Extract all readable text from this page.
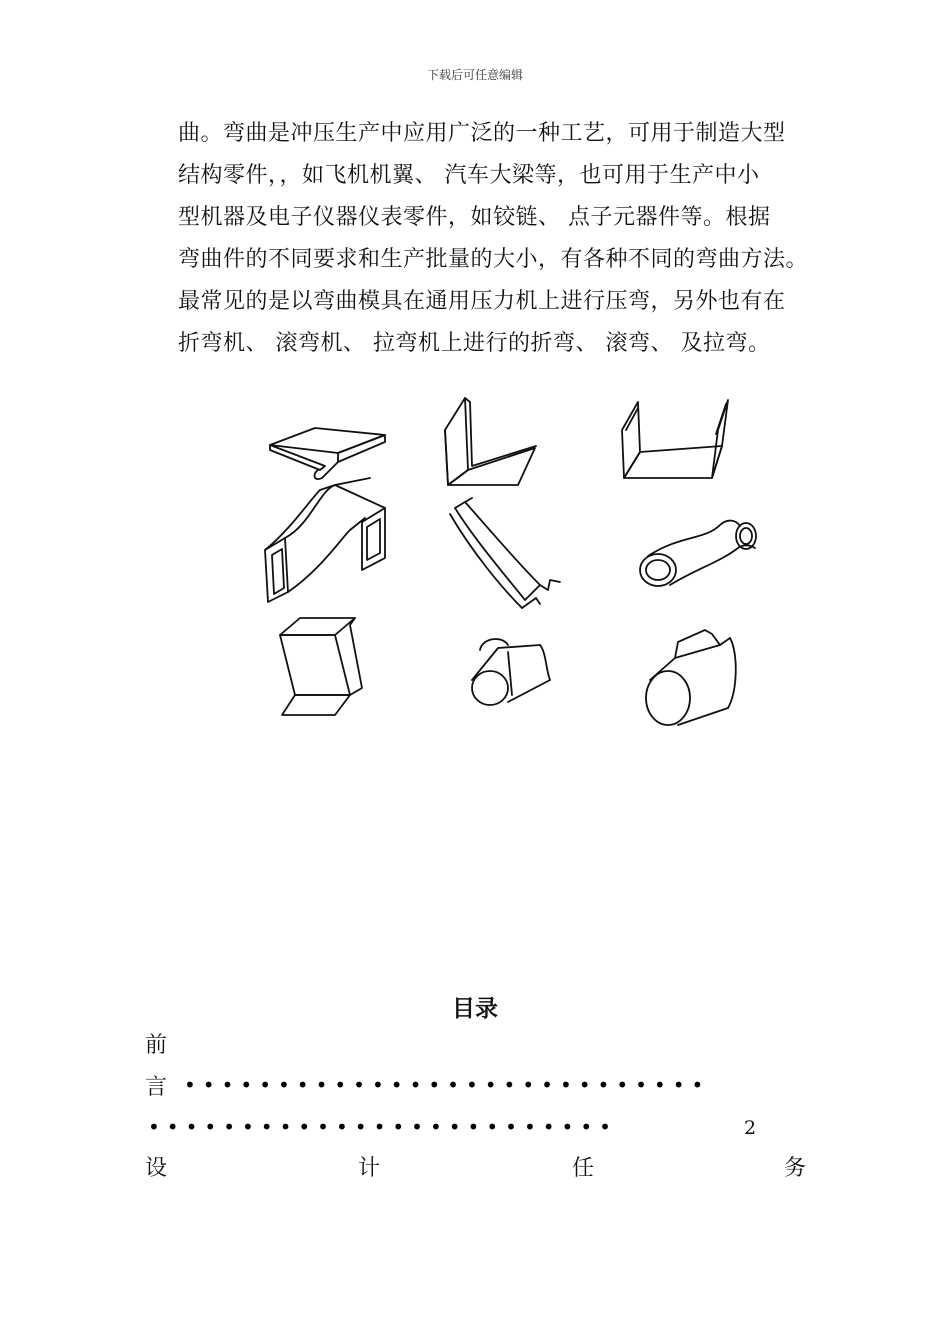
下载后可任意编辑
曲。弯曲是冲压生产中应用广泛的一种工艺，可用于制造大型
结构零件，，如飞机机翼、 汽车大梁等，也可用于生产中小
型机器及电子仪器仪表零件，如铰链、 点子元器件等。根据
弯曲件的不同要求和生产批量的大小，有各种不同的弯曲方法。
最常见的是以弯曲模具在通用压力机上进行压弯，另外也有在
折弯机、 滚弯机、 拉弯机上进行的折弯、 滚弯、 及拉弯。
目录
前
言 ••••••••••••••••••••••••••••
•••••••••••••••••••••••••	2
设	计	任	务
